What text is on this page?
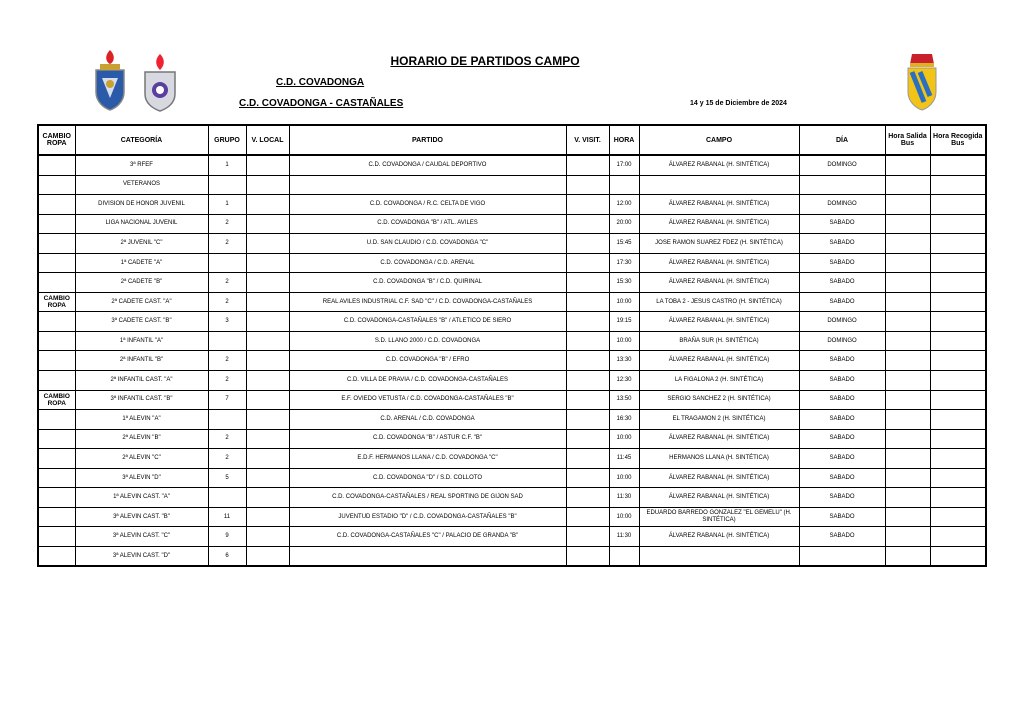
HORARIO DE PARTIDOS CAMPO
C.D. COVADONGA
C.D. COVADONGA - CASTAÑALES	14 y 15 de Diciembre de 2024
CAMBIO ROPA	CATEGORÍA	GRUPO	V. LOCAL	PARTIDO	V. VISIT.	HORA	CAMPO	DÍA	Hora Salida Bus	Hora Recogida Bus
	3ª RFEF	1		C.D. COVADONGA / CAUDAL DEPORTIVO		17:00	ÁLVAREZ RABANAL (H. SINTÉTICA)	DOMINGO		
	VETERANOS									
	DIVISION DE HONOR JUVENIL	1		C.D. COVADONGA / R.C. CELTA DE VIGO		12:00	ÁLVAREZ RABANAL (H. SINTÉTICA)	DOMINGO		
	LIGA NACIONAL JUVENIL	2		C.D. COVADONGA "B" / ATL. AVILES		20:00	ÁLVAREZ RABANAL (H. SINTÉTICA)	SABADO		
	2ª JUVENIL "C"	2		U.D. SAN CLAUDIO / C.D. COVADONGA "C"		15:45	JOSE RAMON SUAREZ FDEZ (H. SINTÉTICA)	SABADO		
	1ª CADETE "A"			C.D. COVADONGA / C.D. ARENAL		17:30	ÁLVAREZ RABANAL (H. SINTÉTICA)	SABADO		
	2ª CADETE "B"	2		C.D. COVADONGA "B" / C.D. QUIRINAL		15:30	ÁLVAREZ RABANAL (H. SINTÉTICA)	SABADO		
CAMBIO ROPA	2ª CADETE CAST. "A"	2		REAL AVILES INDUSTRIAL C.F. SAD "C" / C.D. COVADONGA-CASTAÑALES		10:00	LA TOBA 2 - JESUS CASTRO (H. SINTÉTICA)	SABADO		
	3ª CADETE CAST. "B"	3		C.D. COVADONGA-CASTAÑALES "B" / ATLETICO DE SIERO		19:15	ÁLVAREZ RABANAL (H. SINTÉTICA)	DOMINGO		
	1ª INFANTIL "A"			S.D. LLANO 2000 / C.D. COVADONGA		10:00	BRAÑA SUR (H. SINTÉTICA)	DOMINGO		
	2ª INFANTIL "B"	2		C.D. COVADONGA "B" / EFRO		13:30	ÁLVAREZ RABANAL (H. SINTÉTICA)	SABADO		
	2ª INFANTIL CAST. "A"	2		C.D. VILLA DE PRAVIA / C.D. COVADONGA-CASTAÑALES		12:30	LA FIGALONA 2 (H. SINTÉTICA)	SABADO		
CAMBIO ROPA	3ª INFANTIL CAST. "B"	7		E.F. OVIEDO VETUSTA / C.D. COVADONGA-CASTAÑALES "B"		13:50	SERGIO SANCHEZ 2 (H. SINTÉTICA)	SABADO		
	1ª ALEVIN "A"			C.D. ARENAL / C.D. COVADONGA		16:30	EL TRAGAMON 2 (H. SINTÉTICA)	SABADO		
	2ª ALEVIN "B"	2		C.D. COVADONGA "B" / ASTUR C.F. "B"		10:00	ÁLVAREZ RABANAL (H. SINTÉTICA)	SABADO		
	2ª ALEVIN "C"	2		E.D.F. HERMANOS LLANA / C.D. COVADONGA "C"		11:45	HERMANOS LLANA (H. SINTÉTICA)	SABADO		
	3ª ALEVIN "D"	5		C.D. COVADONGA "D" / S.D. COLLOTO		10:00	ÁLVAREZ RABANAL (H. SINTÉTICA)	SABADO		
	1ª ALEVIN CAST. "A"			C.D. COVADONGA-CASTAÑALES / REAL SPORTING DE GIJON SAD		11:30	ÁLVAREZ RABANAL (H. SINTÉTICA)	SABADO		
	3ª ALEVIN CAST. "B"	11		JUVENTUD ESTADIO "D" / C.D. COVADONGA-CASTAÑALES "B"		10:00	EDUARDO BARREDO GONZALEZ "EL GEMELU" (H. SINTÉTICA)	SABADO		
	3ª ALEVIN CAST. "C"	9		C.D. COVADONGA-CASTAÑALES "C" / PALACIO DE GRANDA "B"		11:30	ÁLVAREZ RABANAL (H. SINTÉTICA)	SABADO		
	3ª ALEVIN CAST. "D"	6								
